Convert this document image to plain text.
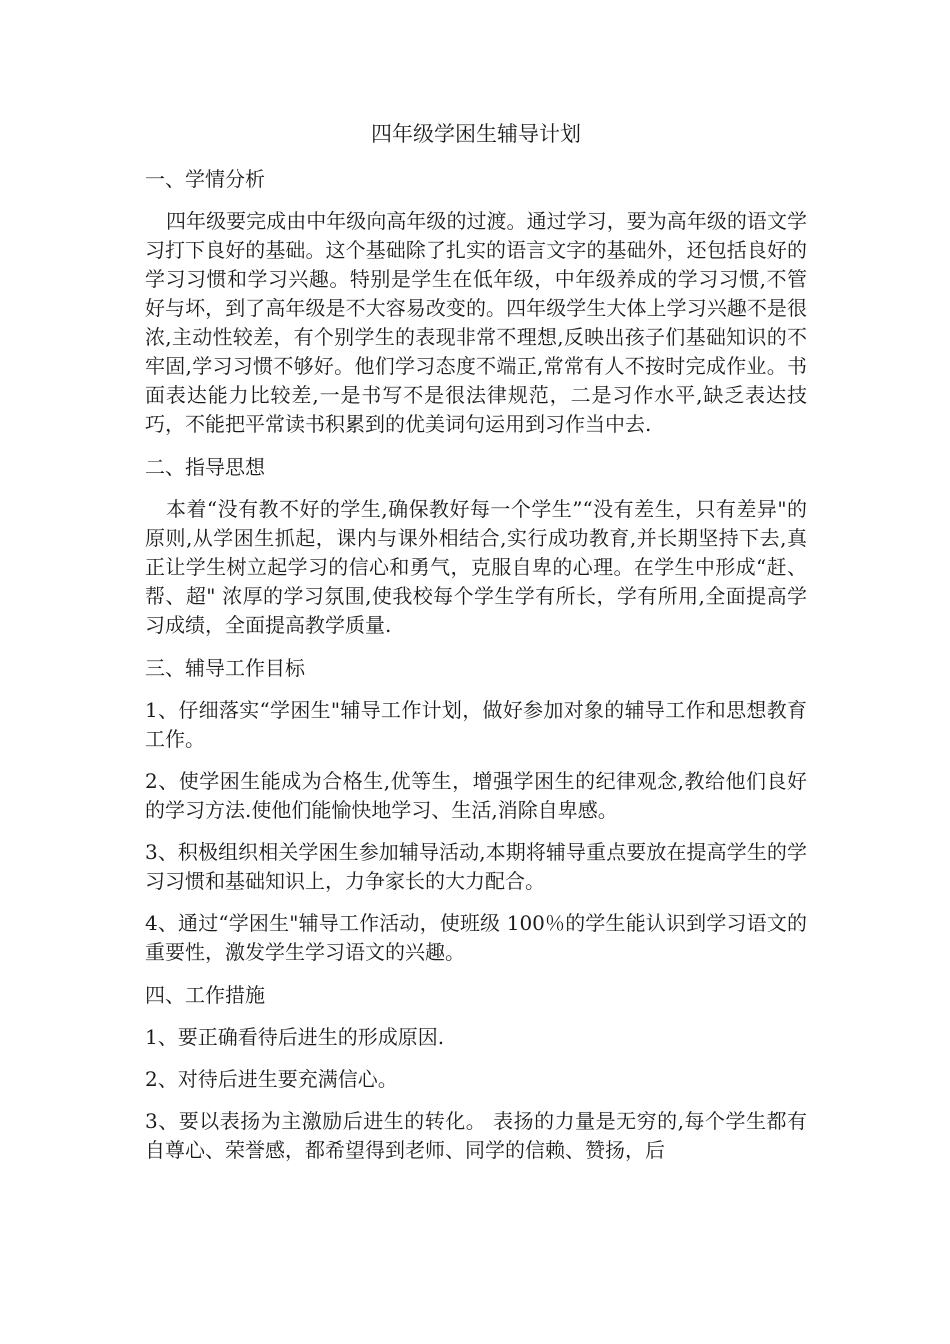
四年级学困生辅导计划
一、学情分析

四年级要完成由中年级向高年级的过渡。通过学习，要为高年级的语文学习打下良好的基础。这个基础除了扎实的语言文字的基础外，还包括良好的学习习惯和学习兴趣。特别是学生在低年级，中年级养成的学习习惯,不管好与坏，到了高年级是不大容易改变的。四年级学生大体上学习兴趣不是很浓,主动性较差，有个别学生的表现非常不理想,反映出孩子们基础知识的不牢固,学习习惯不够好。他们学习态度不端正,常常有人不按时完成作业。书面表达能力比较差,一是书写不是很法律规范，二是习作水平,缺乏表达技巧，不能把平常读书积累到的优美词句运用到习作当中去.

二、指导思想

本着“没有教不好的学生,确保教好每一个学生”“没有差生，只有差异"的原则,从学困生抓起，课内与课外相结合,实行成功教育,并长期坚持下去,真正让学生树立起学习的信心和勇气，克服自卑的心理。在学生中形成“赶、帮、超" 浓厚的学习氛围,使我校每个学生学有所长，学有所用,全面提高学习成绩，全面提高教学质量.

三、辅导工作目标

1、仔细落实“学困生"辅导工作计划，做好参加对象的辅导工作和思想教育工作。

2、使学困生能成为合格生,优等生，增强学困生的纪律观念,教给他们良好的学习方法.使他们能愉快地学习、生活,消除自卑感。

3、积极组织相关学困生参加辅导活动,本期将辅导重点要放在提高学生的学习习惯和基础知识上，力争家长的大力配合。

4、通过“学困生"辅导工作活动，使班级 100％的学生能认识到学习语文的重要性，激发学生学习语文的兴趣。

四、工作措施

1、要正确看待后进生的形成原因.

2、对待后进生要充满信心。

3、要以表扬为主激励后进生的转化。 表扬的力量是无穷的,每个学生都有自尊心、荣誉感，都希望得到老师、同学的信赖、赞扬，后
